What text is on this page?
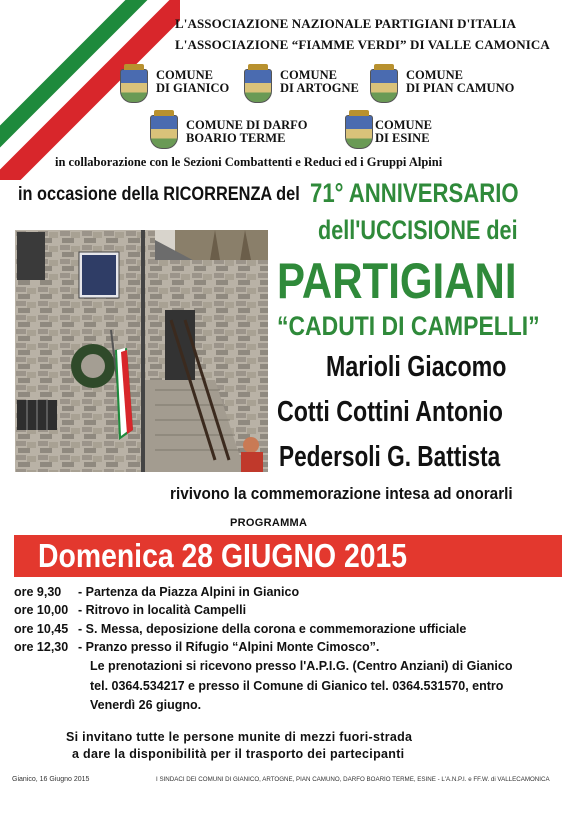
L'ASSOCIAZIONE NAZIONALE PARTIGIANI D'ITALIA
L'ASSOCIAZIONE “FIAMME VERDI” DI VALLE CAMONICA
COMUNE
DI GIANICO
COMUNE
DI ARTOGNE
COMUNE
DI PIAN CAMUNO
COMUNE DI DARFO
BOARIO TERME
COMUNE
DI ESINE
in collaborazione con le Sezioni Combattenti e Reduci ed i Gruppi Alpini
in occasione della RICORRENZA del 71° ANNIVERSARIO
dell'UCCISIONE dei
PARTIGIANI
“CADUTI DI CAMPELLI”
Marioli Giacomo
Cotti Cottini Antonio
Pedersoli G. Battista
rivivono la commemorazione intesa ad onorarli
PROGRAMMA
Domenica 28 GIUGNO 2015
ore 9,30 - Partenza da Piazza Alpini in Gianico
ore 10,00 - Ritrovo in località Campelli
ore 10,45 - S. Messa, deposizione della corona e commemorazione ufficiale
ore 12,30 - Pranzo presso il Rifugio “Alpini Monte Cimosco”.
Le prenotazioni si ricevono presso l'A.P.I.G. (Centro Anziani) di Gianico
tel. 0364.534217 e presso il Comune di Gianico tel. 0364.531570, entro
Venerdì 26 giugno.
Si invitano tutte le persone munite di mezzi fuori-strada
a dare la disponibilità per il trasporto dei partecipanti
Gianico, 16 Giugno 2015	I SINDACI DEI COMUNI DI GIANICO, ARTOGNE, PIAN CAMUNO, DARFO BOARIO TERME, ESINE - L'A.N.P.I. e FF.W. di VALLECAMONICA
